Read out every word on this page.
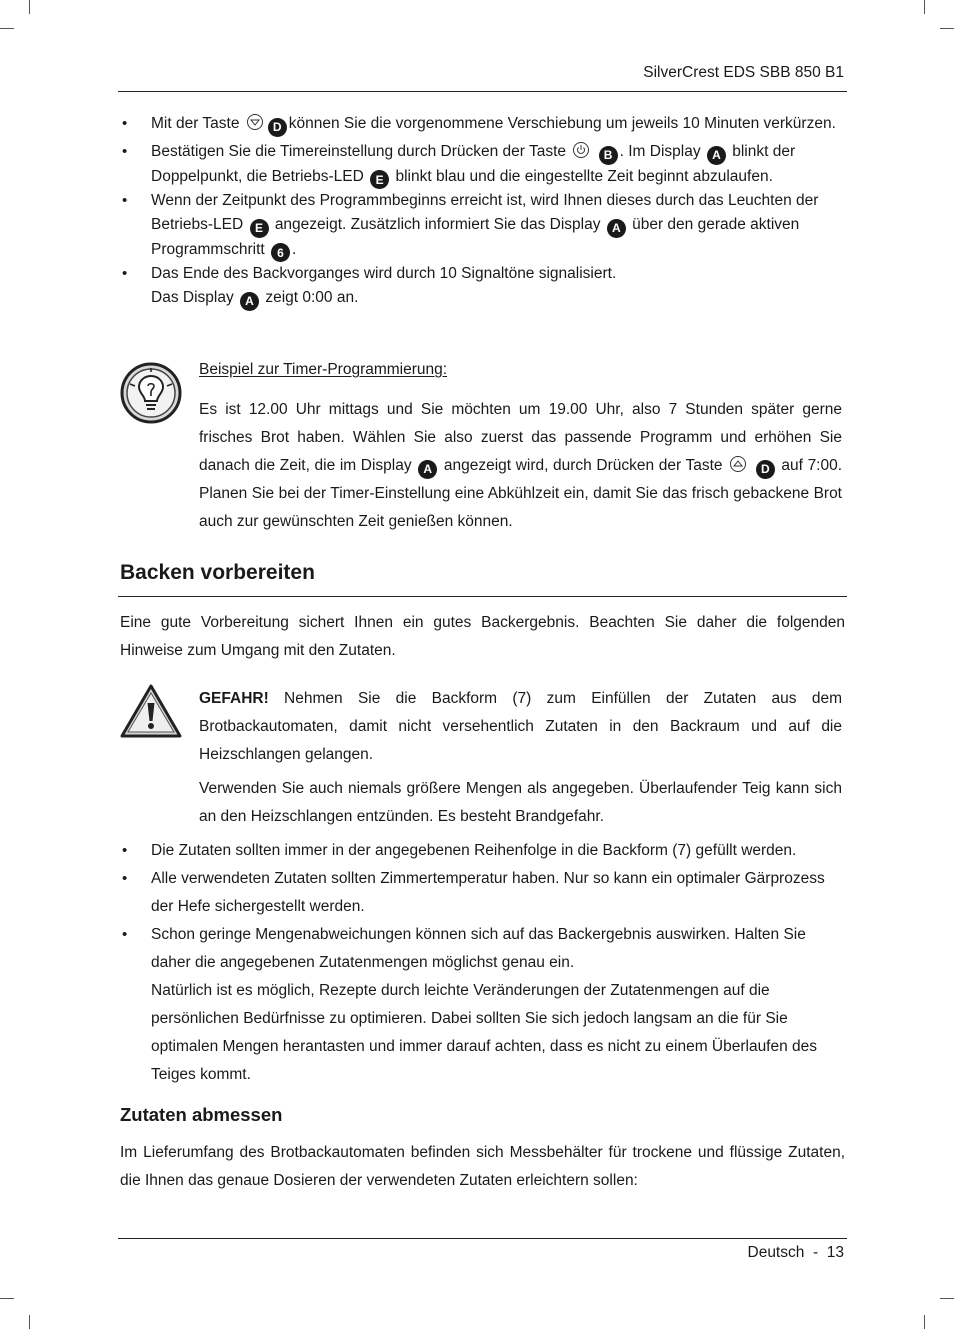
SilverCrest EDS SBB 850 B1
• Mit der Taste	D können Sie die vorgenommene Verschiebung um jeweils 10 Minuten verkürzen.
• Bestätigen Sie die Timereinstellung durch Drücken der Taste	B . Im Display A blinkt der Doppelpunkt, die Betriebs-LED E blinkt blau und die eingestellte Zeit beginnt abzulaufen.
• Wenn der Zeitpunkt des Programmbeginns erreicht ist, wird Ihnen dieses durch das Leuchten der Betriebs-LED E angezeigt. Zusätzlich informiert Sie das Display A über den gerade aktiven Programmschritt 6 .
• Das Ende des Backvorganges wird durch 10 Signaltöne signalisiert.
Das Display A zeigt 0:00 an.
Beispiel zur Timer-Programmierung:
Es ist 12.00 Uhr mittags und Sie möchten um 19.00 Uhr, also 7 Stunden später gerne frisches Brot haben. Wählen Sie also zuerst das passende Programm und erhöhen Sie danach die Zeit, die im Display A angezeigt wird, durch Drücken der Taste	D auf 7:00. Planen Sie bei der Timer-Einstellung eine Abkühlzeit ein, damit Sie das frisch gebackene Brot auch zur gewünschten Zeit genießen können.
Backen vorbereiten
Eine gute Vorbereitung sichert Ihnen ein gutes Backergebnis. Beachten Sie daher die folgenden Hinweise zum Umgang mit den Zutaten.
GEFAHR! Nehmen Sie die Backform (7) zum Einfüllen der Zutaten aus dem Brotbackautomaten, damit nicht versehentlich Zutaten in den Backraum und auf die Heizschlangen gelangen.
Verwenden Sie auch niemals größere Mengen als angegeben. Überlaufender Teig kann sich an den Heizschlangen entzünden. Es besteht Brandgefahr.
• Die Zutaten sollten immer in der angegebenen Reihenfolge in die Backform (7) gefüllt werden.
• Alle verwendeten Zutaten sollten Zimmertemperatur haben. Nur so kann ein optimaler Gärprozess der Hefe sichergestellt werden.
• Schon geringe Mengenabweichungen können sich auf das Backergebnis auswirken. Halten Sie daher die angegebenen Zutatenmengen möglichst genau ein.
Natürlich ist es möglich, Rezepte durch leichte Veränderungen der Zutatenmengen auf die persönlichen Bedürfnisse zu optimieren. Dabei sollten Sie sich jedoch langsam an die für Sie optimalen Mengen herantasten und immer darauf achten, dass es nicht zu einem Überlaufen des Teiges kommt.
Zutaten abmessen
Im Lieferumfang des Brotbackautomaten befinden sich Messbehälter für trockene und flüssige Zutaten, die Ihnen das genaue Dosieren der verwendeten Zutaten erleichtern sollen:
Deutsch  -  13
